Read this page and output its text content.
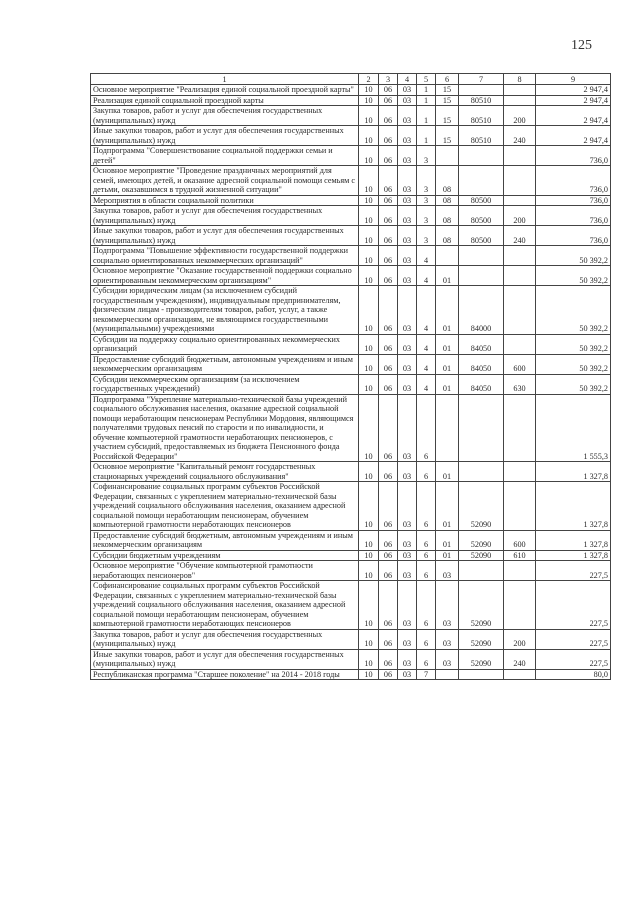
125
1	2	3	4	5	6	7	8	9
Основное мероприятие "Реализация единой социальной проездной карты"	10	06	03	1	15			2 947,4
Реализация единой социальной проездной карты	10	06	03	1	15	80510		2 947,4
Закупка товаров, работ и услуг для обеспечения государственных (муниципальных) нужд	10	06	03	1	15	80510	200	2 947,4
Иные закупки товаров, работ и услуг для обеспечения государственных (муниципальных) нужд	10	06	03	1	15	80510	240	2 947,4
Подпрограмма "Совершенствование социальной поддержки семьи и детей"	10	06	03	3				736,0
Основное мероприятие "Проведение праздничных мероприятий для семей, имеющих детей, и оказание адресной социальной помощи семьям с детьми, оказавшимся в трудной жизненной ситуации"	10	06	03	3	08			736,0
Мероприятия в области социальной политики	10	06	03	3	08	80500		736,0
Закупка товаров, работ и услуг для обеспечения государственных (муниципальных) нужд	10	06	03	3	08	80500	200	736,0
Иные закупки товаров, работ и услуг для обеспечения государственных (муниципальных) нужд	10	06	03	3	08	80500	240	736,0
Подпрограмма "Повышение эффективности государственной поддержки социально ориентированных некоммерческих организаций"	10	06	03	4				50 392,2
Основное мероприятие "Оказание государственной поддержки социально ориентированным некоммерческим организациям"	10	06	03	4	01			50 392,2
Субсидии юридическим лицам (за исключением субсидий государственным учреждениям), индивидуальным предпринимателям, физическим лицам - производителям товаров, работ, услуг, а также некоммерческим организациям, не являющимся государственными (муниципальными) учреждениями	10	06	03	4	01	84000		50 392,2
Субсидии на поддержку социально ориентированных некоммерческих организаций	10	06	03	4	01	84050		50 392,2
Предоставление субсидий бюджетным, автономным учреждениям и иным некоммерческим организациям	10	06	03	4	01	84050	600	50 392,2
Субсидии некоммерческим организациям (за исключением государственных учреждений)	10	06	03	4	01	84050	630	50 392,2
Подпрограмма "Укрепление материально-технической базы учреждений социального обслуживания населения, оказание адресной социальной помощи неработающим пенсионерам Республики Мордовия, являющимся получателями трудовых пенсий по старости и по инвалидности, и обучение компьютерной грамотности неработающих пенсионеров, с участием субсидий, предоставляемых из бюджета Пенсионного фонда Российской Федерации"	10	06	03	6				1 555,3
Основное мероприятие "Капитальный ремонт государственных стационарных учреждений социального обслуживания"	10	06	03	6	01			1 327,8
Софинансирование социальных программ субъектов Российской Федерации, связанных с укреплением материально-технической базы учреждений социального обслуживания населения, оказанием адресной социальной помощи неработающим пенсионерам, обучением компьютерной грамотности неработающих пенсионеров	10	06	03	6	01	52090		1 327,8
Предоставление субсидий бюджетным, автономным учреждениям и иным некоммерческим организациям	10	06	03	6	01	52090	600	1 327,8
Субсидии бюджетным учреждениям	10	06	03	6	01	52090	610	1 327,8
Основное мероприятие "Обучение компьютерной грамотности неработающих пенсионеров"	10	06	03	6	03			227,5
Софинансирование социальных программ субъектов Российской Федерации, связанных с укреплением материально-технической базы учреждений социального обслуживания населения, оказанием адресной социальной помощи неработающим пенсионерам, обучением компьютерной грамотности неработающих пенсионеров	10	06	03	6	03	52090		227,5
Закупка товаров, работ и услуг для обеспечения государственных (муниципальных) нужд	10	06	03	6	03	52090	200	227,5
Иные закупки товаров, работ и услуг для обеспечения государственных (муниципальных) нужд	10	06	03	6	03	52090	240	227,5
Республиканская программа "Старшее поколение" на 2014 - 2018 годы	10	06	03	7				80,0
